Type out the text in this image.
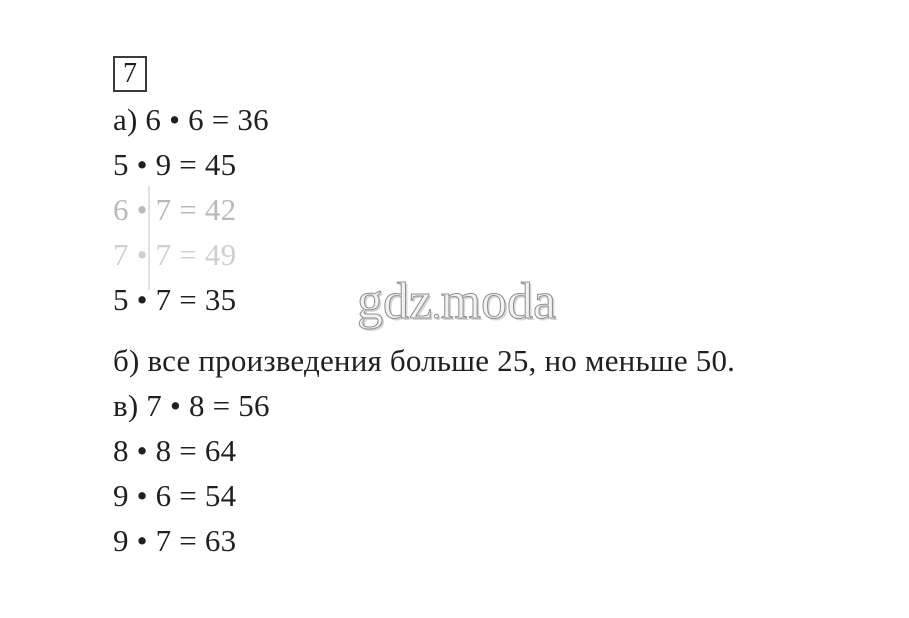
7
а) 6 • 6 = 36
5 • 9 = 45
6 • 7 = 42
7 • 7 = 49
5 • 7 = 35
б) все произведения больше 25, но меньше 50.
в) 7 • 8 = 56
8 • 8 = 64
9 • 6 = 54
9 • 7 = 63
gdz.moda
